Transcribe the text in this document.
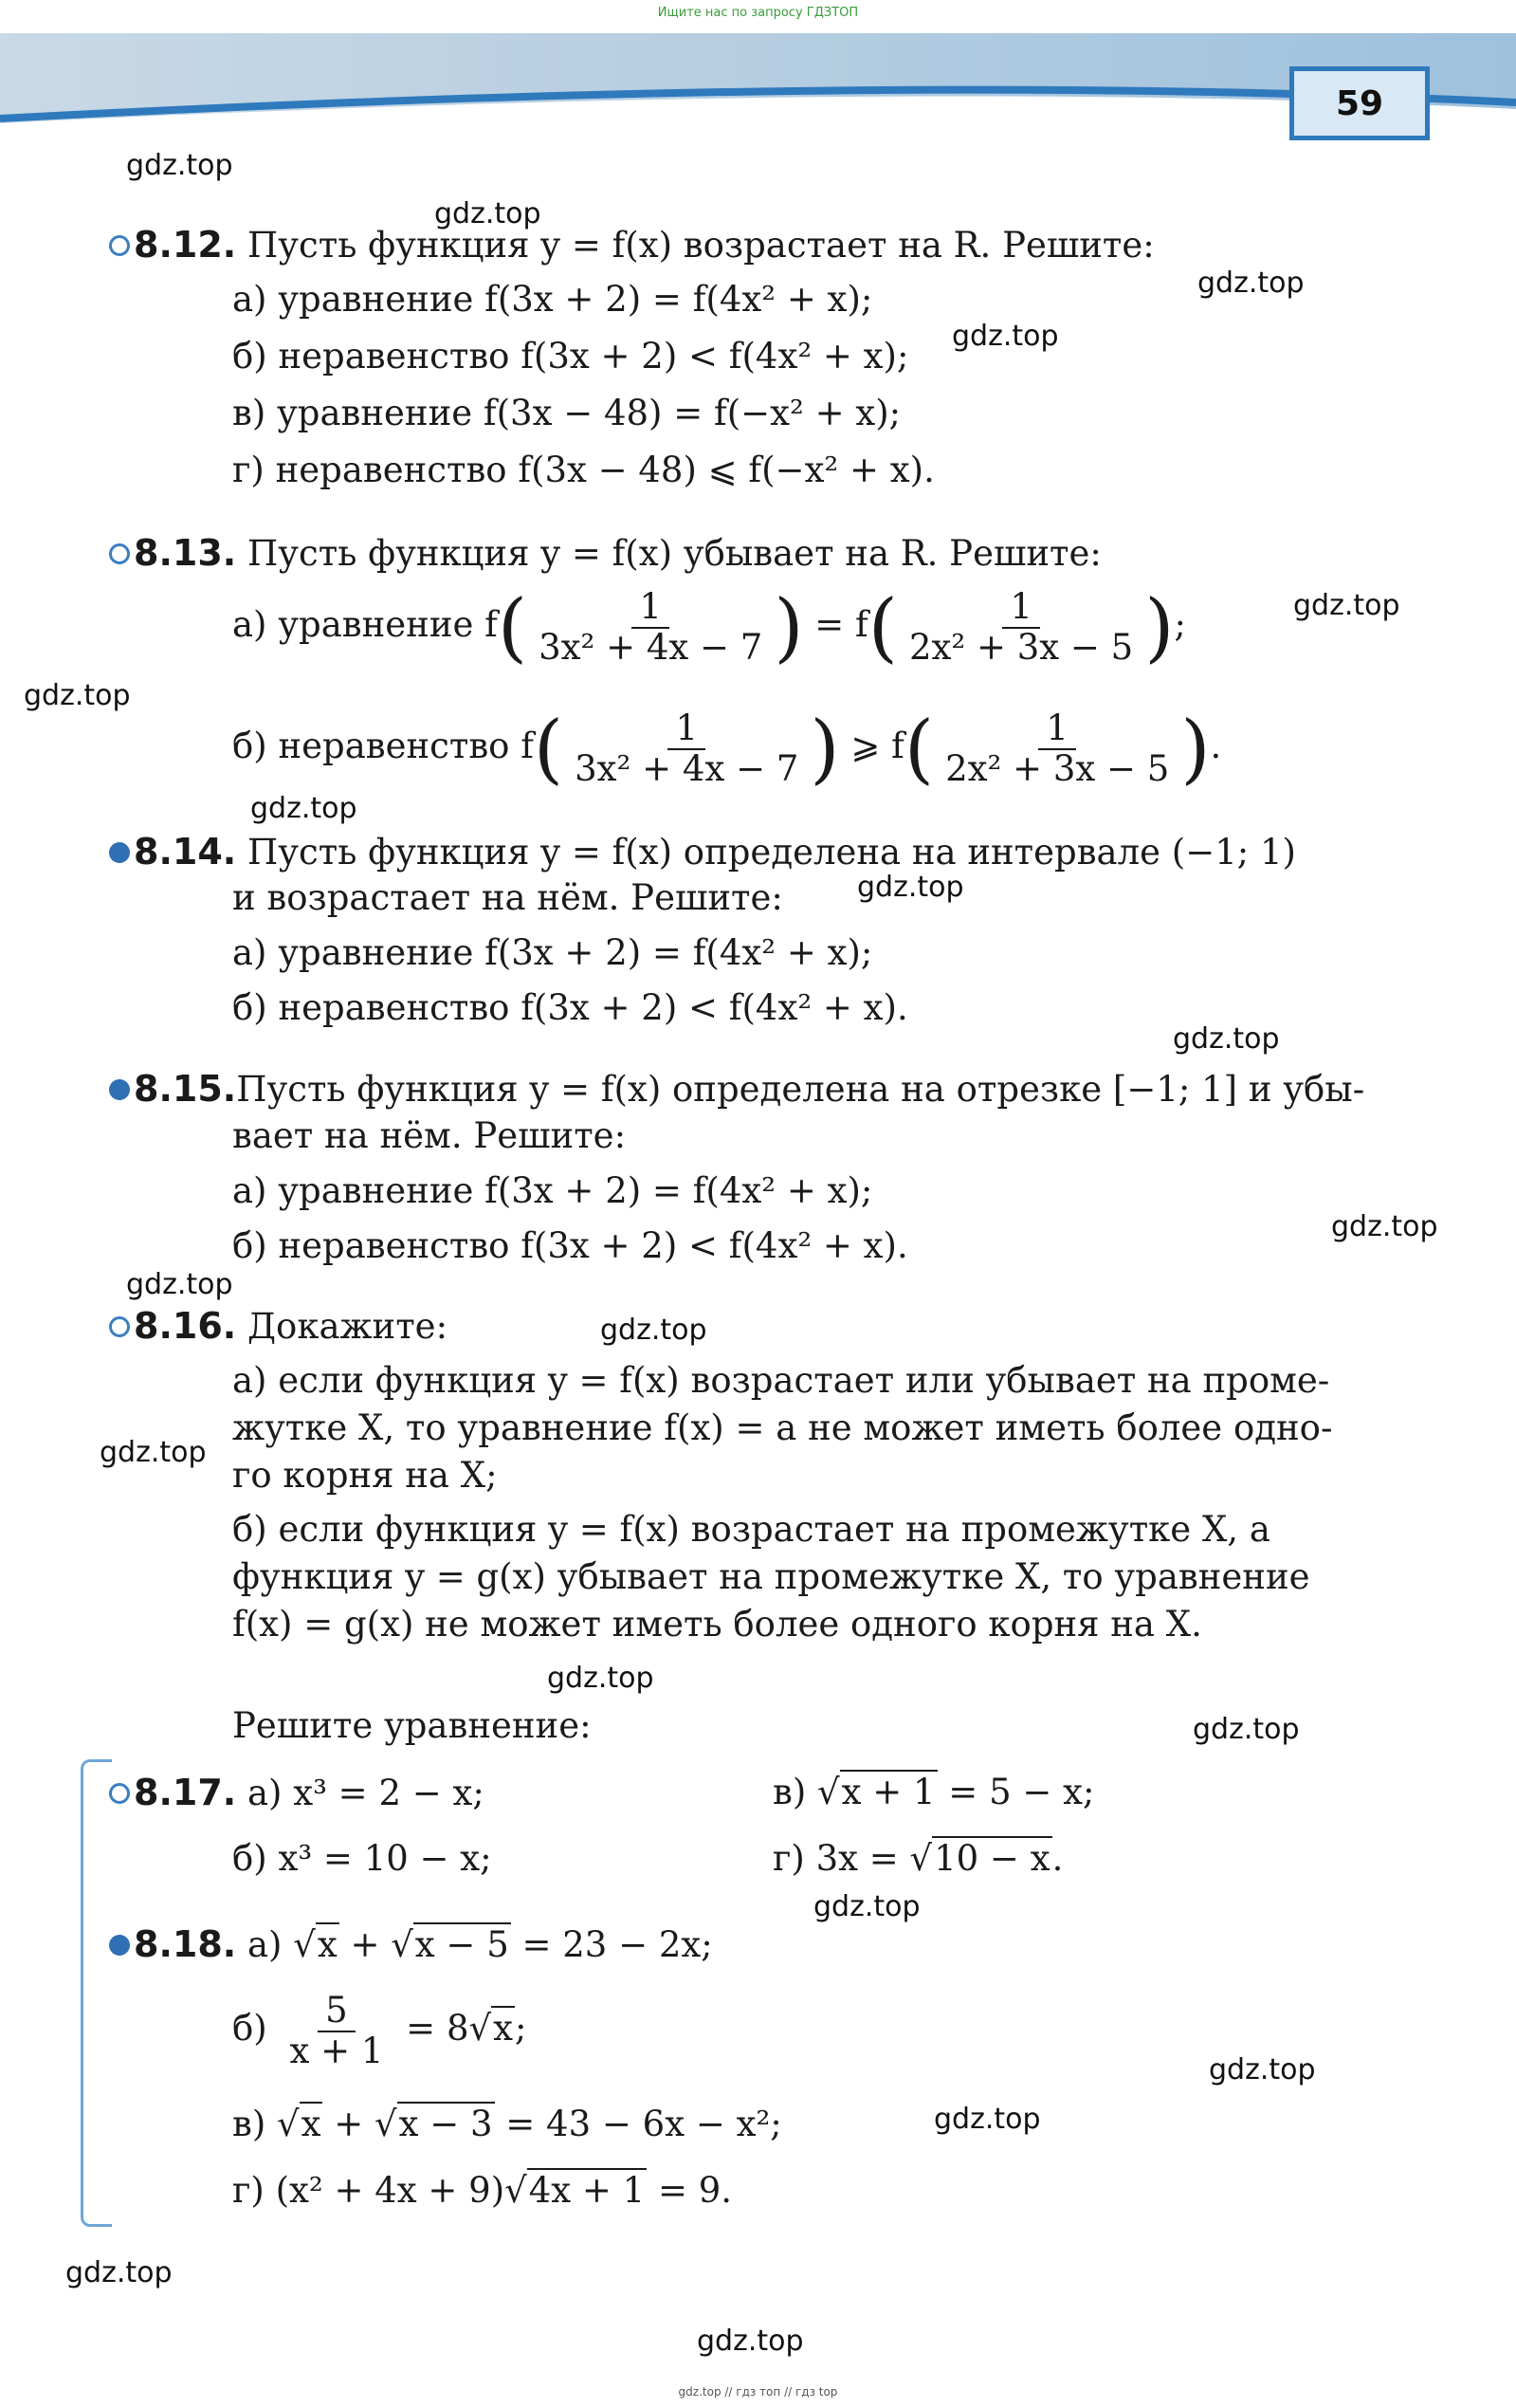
Ищите нас по запросу ГДЗТОП
59

gdz.top
gdz.top
gdz.top
gdz.top
gdz.top
gdz.top
gdz.top
gdz.top
gdz.top
gdz.top
gdz.top
gdz.top
gdz.top
gdz.top
gdz.top
gdz.top
gdz.top
gdz.top
gdz.top
gdz.top
8.12. Пусть функция y = f(x) возрастает на R. Решите:
а) уравнение f(3x + 2) = f(4x² + x);
б) неравенство f(3x + 2) < f(4x² + x);
в) уравнение f(3x − 48) = f(−x² + x);
г) неравенство f(3x − 48) ⩽ f(−x² + x).
8.13. Пусть функция y = f(x) убывает на R. Решите:
а) уравнение $f( \frac{1}{\text{3x² + 4x − 7}}$ ) = $f( \frac{1}{\text{2x² + 3x − 5}}$ );
б) неравенство $f( \frac{1}{\text{3x² + 4x − 7}}$ ) ⩾ $f( \frac{1}{\text{2x² + 3x − 5}}$ ).
8.14. Пусть функция y = f(x) определена на интервале (−1; 1)
и возрастает на нём. Решите:
а) уравнение f(3x + 2) = f(4x² + x);
б) неравенство f(3x + 2) < f(4x² + x).
8.15.Пусть функция y = f(x) определена на отрезке [−1; 1] и убы-
вает на нём. Решите:
а) уравнение f(3x + 2) = f(4x² + x);
б) неравенство f(3x + 2) < f(4x² + x).
8.16. Докажите:
а) если функция y = f(x) возрастает или убывает на проме-
жутке X, то уравнение f(x) = a не может иметь более одно-
го корня на X;
б) если функция y = f(x) возрастает на промежутке X, а
функция y = g(x) убывает на промежутке X, то уравнение
f(x) = g(x) не может иметь более одного корня на X.
Решите уравнение:
8.17. а) x³ = 2 − x;	в) √x + 1 = 5 − x;
б) x³ = 10 − x;	г) 3x = √10 − x.
8.18. а) √x + √x − 5 = 23 − 2x;
$б) \frac{5}{x + 1} = 8√x$;
в) √x + √x − 3 = 43 − 6x − x²;
г) (x² + 4x + 9)√4x + 1 = 9.
gdz.top // гдз топ // гдз top
